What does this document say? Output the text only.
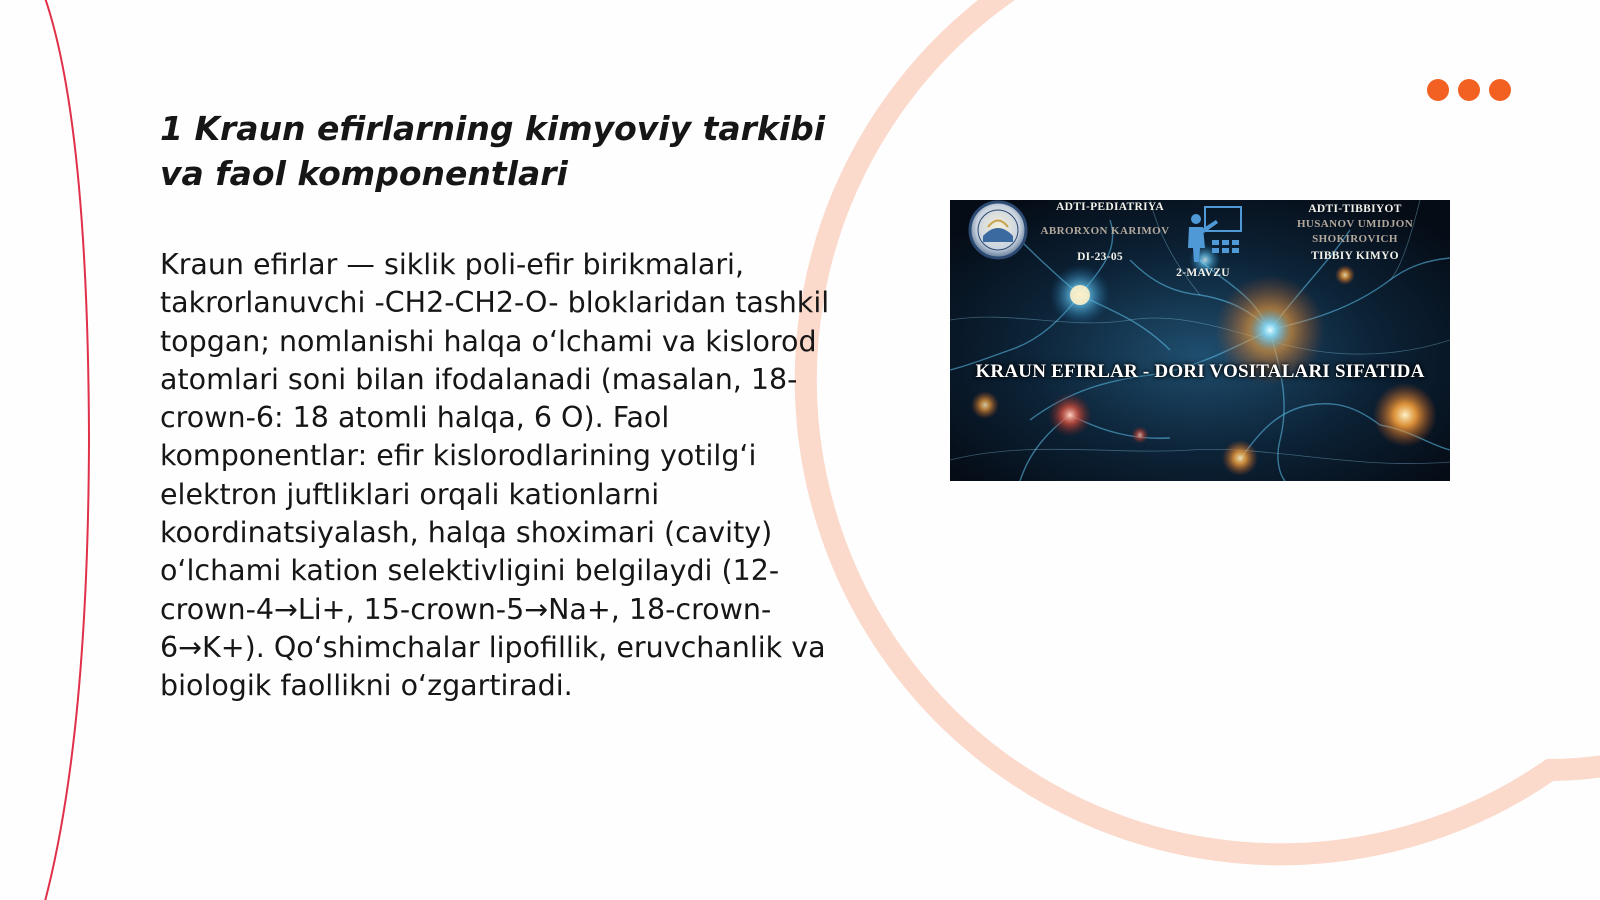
1 Kraun efirlarning kimyoviy tarkibi va faol komponentlari

Kraun efirlar — siklik poli-efir birikmalari, takrorlanuvchi -CH2-CH2-O- bloklaridan tashkil topgan; nomlanishi halqa o‘lchami va kislorod atomlari soni bilan ifodalanadi (masalan, 18-crown-6: 18 atomli halqa, 6 O). Faol komponentlar: efir kislorodlarining yotilg‘i elektron juftliklari orqali kationlarni koordinatsiyalash, halqa shoximari (cavity) o‘lchami kation selektivligini belgilaydi (12-crown-4→Li+, 15-crown-5→Na+, 18-crown-6→K+). Qo‘shimchalar lipofillik, eruvchanlik va biologik faollikni o‘zgartiradi.

ADTI-PEDIATRIYA
ABRORXON KARIMOV
DI-23-05
2-MAVZU
ADTI-TIBBIYOT
HUSANOV UMIDJON
SHOKIROVICH
TIBBIY KIMYO
KRAUN EFIRLAR - DORI VOSITALARI SIFATIDA
